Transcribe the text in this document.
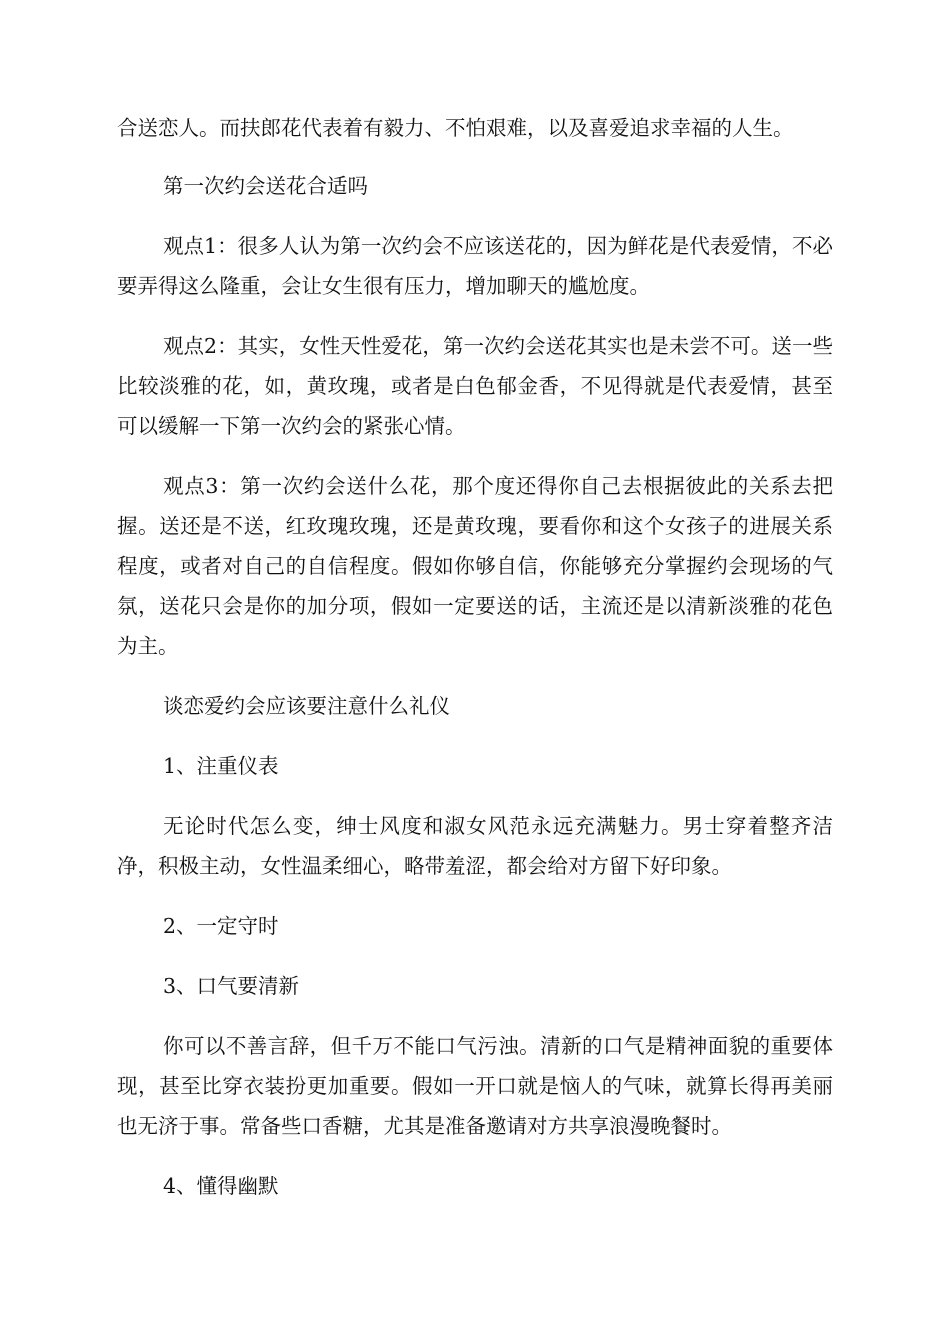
合送恋人。而扶郎花代表着有毅力、不怕艰难，以及喜爱追求幸福的人生。

第一次约会送花合适吗

观点1：很多人认为第一次约会不应该送花的，因为鲜花是代表爱情，不必要弄得这么隆重，会让女生很有压力，增加聊天的尴尬度。

观点2：其实，女性天性爱花，第一次约会送花其实也是未尝不可。送一些比较淡雅的花，如，黄玫瑰，或者是白色郁金香，不见得就是代表爱情，甚至可以缓解一下第一次约会的紧张心情。

观点3：第一次约会送什么花，那个度还得你自己去根据彼此的关系去把握。送还是不送，红玫瑰玫瑰，还是黄玫瑰，要看你和这个女孩子的进展关系程度，或者对自己的自信程度。假如你够自信，你能够充分掌握约会现场的气氛，送花只会是你的加分项，假如一定要送的话，主流还是以清新淡雅的花色为主。

谈恋爱约会应该要注意什么礼仪

1、注重仪表

无论时代怎么变，绅士风度和淑女风范永远充满魅力。男士穿着整齐洁净，积极主动，女性温柔细心，略带羞涩，都会给对方留下好印象。

2、一定守时

3、口气要清新

你可以不善言辞，但千万不能口气污浊。清新的口气是精神面貌的重要体现，甚至比穿衣装扮更加重要。假如一开口就是恼人的气味，就算长得再美丽也无济于事。常备些口香糖，尤其是准备邀请对方共享浪漫晚餐时。

4、懂得幽默
